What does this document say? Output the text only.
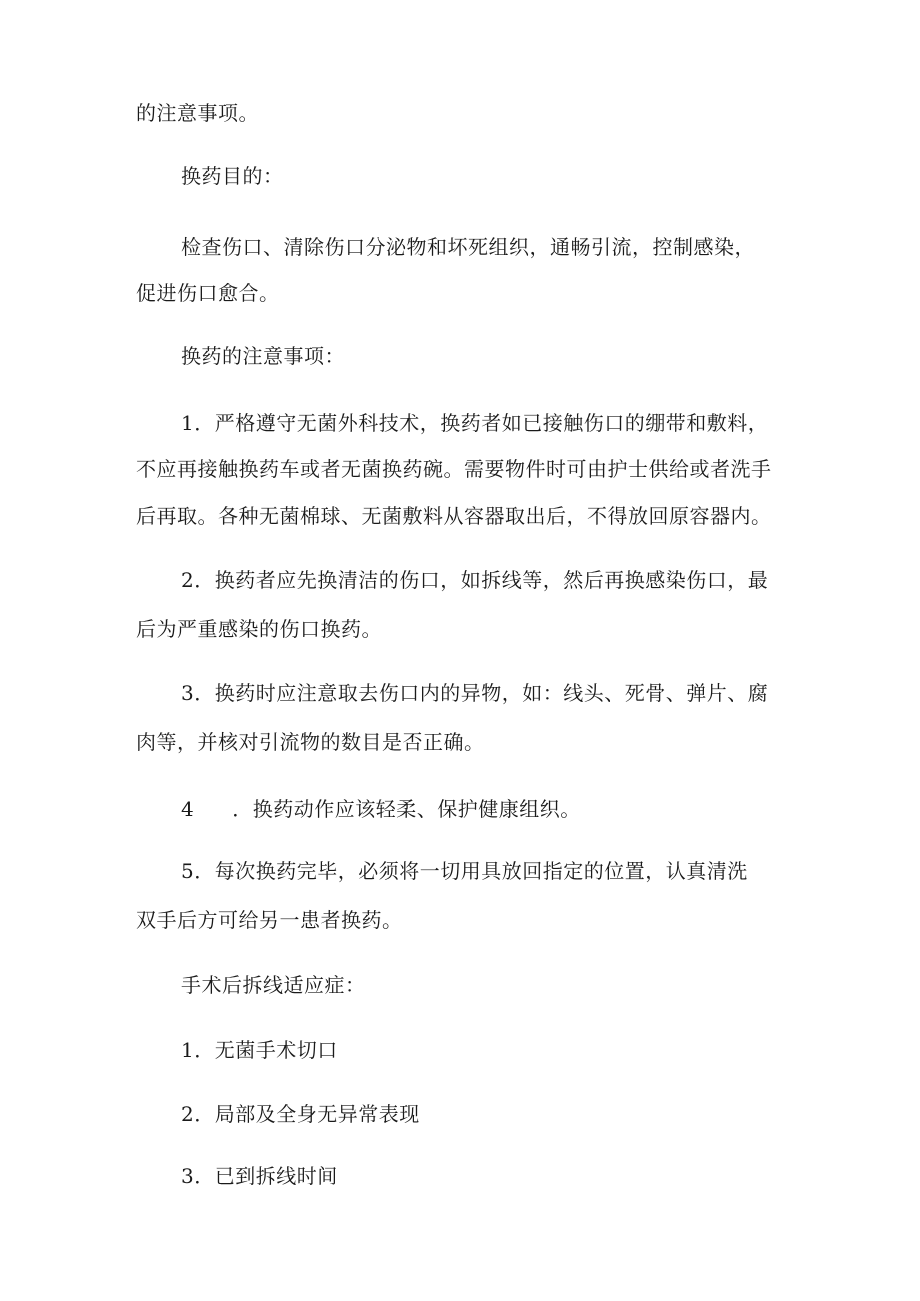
的注意事项。
换药目的：
检查伤口、清除伤口分泌物和坏死组织，通畅引流，控制感染，
促进伤口愈合。
换药的注意事项：
1．严格遵守无菌外科技术，换药者如已接触伤口的绷带和敷料，
不应再接触换药车或者无菌换药碗。需要物件时可由护士供给或者洗手
后再取。各种无菌棉球、无菌敷料从容器取出后，不得放回原容器内。
2．换药者应先换清洁的伤口，如拆线等，然后再换感染伤口，最
后为严重感染的伤口换药。
3．换药时应注意取去伤口内的异物，如：线头、死骨、弹片、腐
肉等，并核对引流物的数目是否正确。
4 ．换药动作应该轻柔、保护健康组织。
5．每次换药完毕，必须将一切用具放回指定的位置，认真清洗
双手后方可给另一患者换药。
手术后拆线适应症：
1．无菌手术切口
2．局部及全身无异常表现
3．已到拆线时间
